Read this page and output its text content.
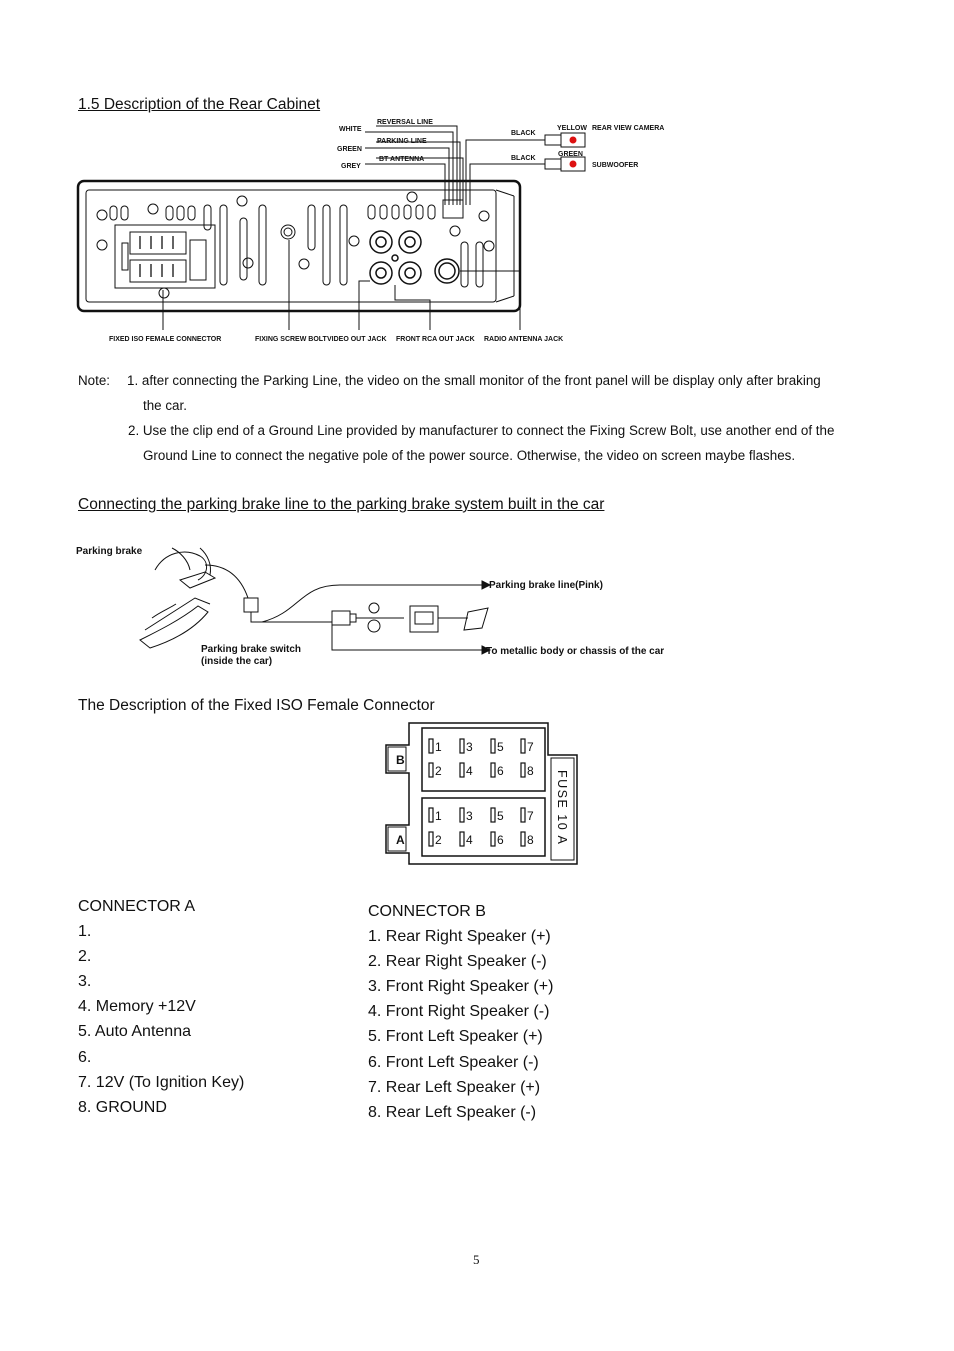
1.5 Description of the Rear Cabinet
WHITE
GREEN
GREY
REVERSAL LINE
PARKING LINE
BT ANTENNA
BLACK
BLACK
YELLOW
GREEN
REAR VIEW CAMERA
SUBWOOFER
FIXED ISO FEMALE CONNECTOR	FIXING SCREW BOLT VIDEO OUT JACK FRONT RCA OUT JACK RADIO ANTENNA JACK
Note: 1. after connecting the Parking Line, the video on the small monitor of the front panel will be display only after braking
the car.
2. Use the clip end of a Ground Line provided by manufacturer to connect the Fixing Screw Bolt, use another end of the
Ground Line to connect the negative pole of the power source. Otherwise, the video on screen maybe flashes.
Connecting the parking brake line to the parking brake system built in the car
Parking brake
Parking brake line(Pink)
Parking brake switch
(inside the car)
To metallic body or chassis of the car
The Description of the Fixed ISO Female Connector
B
A
1 3 5 7
2 4 6 8
1 3 5 7
2 4 6 8 FUSE 10 A
CONNECTOR A
1.
2.
3.
4. Memory +12V
5. Auto Antenna
6.
7. 12V (To Ignition Key)
8. GROUND
CONNECTOR B
1. Rear Right Speaker (+)
2. Rear Right Speaker (-)
3. Front Right Speaker (+)
4. Front Right Speaker (-)
5. Front Left Speaker (+)
6. Front Left Speaker (-)
7. Rear Left Speaker (+)
8. Rear Left Speaker (-)
5
